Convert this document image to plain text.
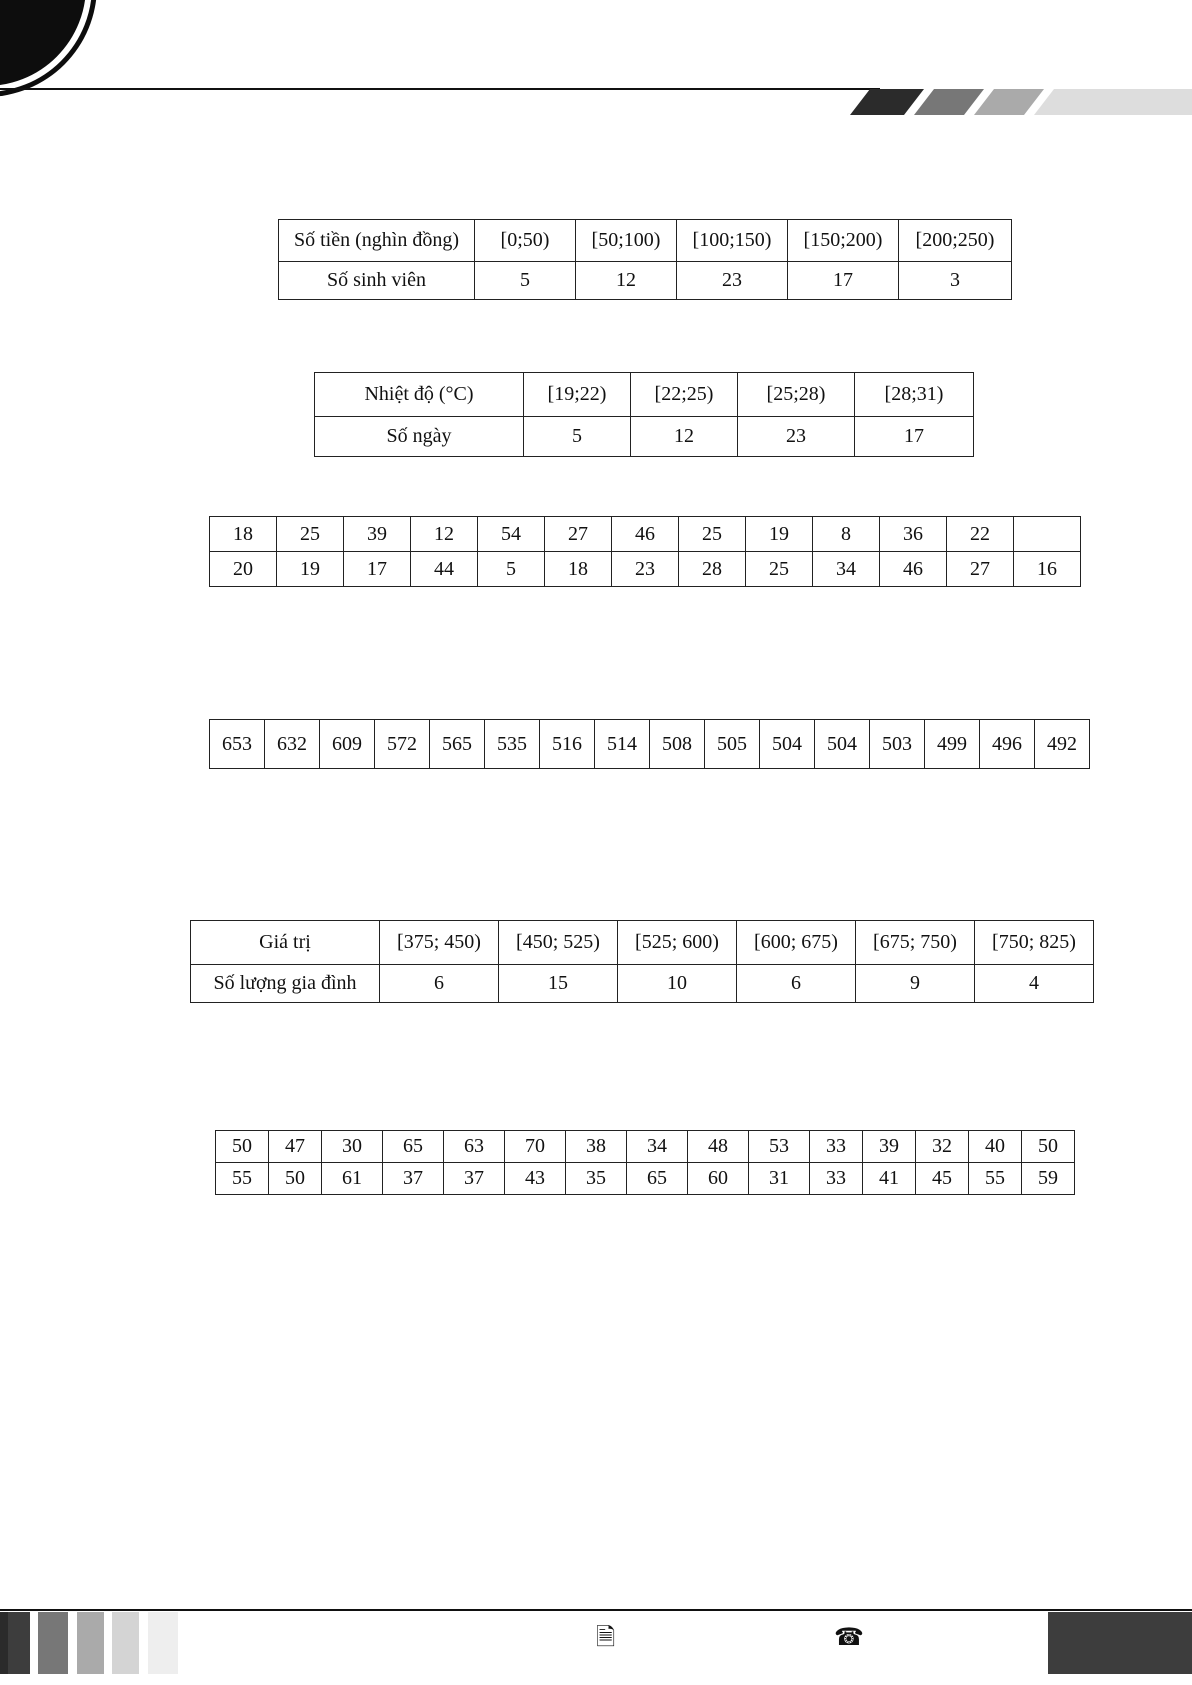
Số tiền (nghìn đồng)	[0;50)	[50;100)	[100;150)	[150;200)	[200;250)
Số sinh viên	5	12	23	17	3
Nhiệt độ (°C)	[19;22)	[22;25)	[25;28)	[28;31)
Số ngày	5	12	23	17
18	25	39	12	54	27	46	25	19	8	36	22	
20	19	17	44	5	18	23	28	25	34	46	27	16
653	632	609	572	565	535	516	514	508	505	504	504	503	499	496	492
Giá trị	[375; 450)	[450; 525)	[525; 600)	[600; 675)	[675; 750)	[750; 825)
Số lượng gia đình	6	15	10	6	9	4
50	47	30	65	63	70	38	34	48	53	33	39	32	40	50
55	50	61	37	37	43	35	65	60	31	33	41	45	55	59
🗎	☎
